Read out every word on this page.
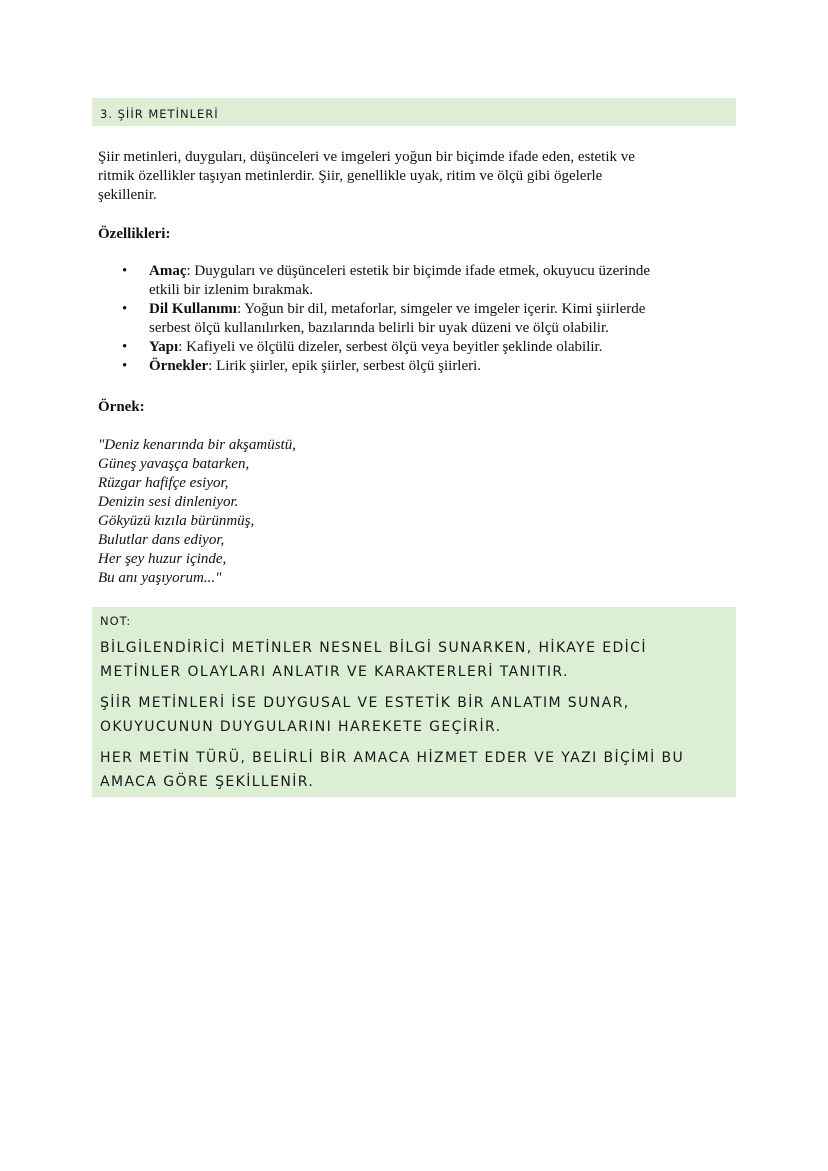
3. ŞİİR METİNLERİ
Şiir metinleri, duyguları, düşünceleri ve imgeleri yoğun bir biçimde ifade eden, estetik ve
ritmik özellikler taşıyan metinlerdir. Şiir, genellikle uyak, ritim ve ölçü gibi ögelerle
şekillenir.
Özellikleri:
• Amaç: Duyguları ve düşünceleri estetik bir biçimde ifade etmek, okuyucu üzerinde
etkili bir izlenim bırakmak.
• Dil Kullanımı: Yoğun bir dil, metaforlar, simgeler ve imgeler içerir. Kimi şiirlerde
serbest ölçü kullanılırken, bazılarında belirli bir uyak düzeni ve ölçü olabilir.
• Yapı: Kafiyeli ve ölçülü dizeler, serbest ölçü veya beyitler şeklinde olabilir.
• Örnekler: Lirik şiirler, epik şiirler, serbest ölçü şiirleri.
Örnek:
"Deniz kenarında bir akşamüstü,
Güneş yavaşça batarken,
Rüzgar hafifçe esiyor,
Denizin sesi dinleniyor.
Gökyüzü kızıla bürünmüş,
Bulutlar dans ediyor,
Her şey huzur içinde,
Bu anı yaşıyorum..."
NOT:
BİLGİLENDİRİCİ METİNLER NESNEL BİLGİ SUNARKEN, HİKAYE EDİCİ
METİNLER OLAYLARI ANLATIR VE KARAKTERLERİ TANITIR.
ŞİİR METİNLERİ İSE DUYGUSAL VE ESTETİK BİR ANLATIM SUNAR,
OKUYUCUNUN DUYGULARINI HAREKETE GEÇİRİR.
HER METİN TÜRÜ, BELİRLİ BİR AMACA HİZMET EDER VE YAZI BİÇİMİ BU
AMACA GÖRE ŞEKİLLENİR.
